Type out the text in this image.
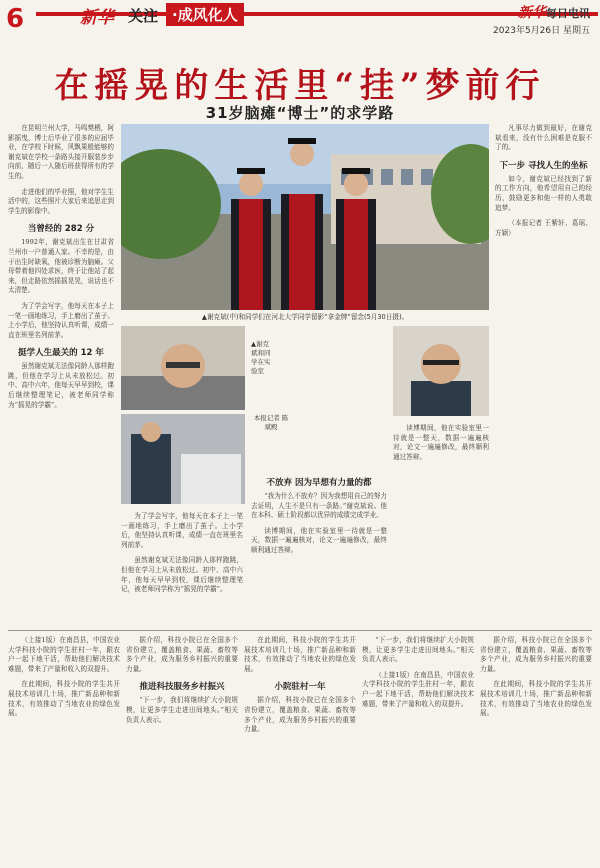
6	新华 关注 ·成风化人	新华每日电讯
2023年5月26日 星期五
在摇晃的生活里“挂”梦前行
31岁脑瘫“博士”的求学路
在昆明兰州大学，马鸣樊栖，阿影摇曳，博士后毕业了很多的应届毕业，在学校下时候，风飘果般能够的谢克斌在学校一条路头接开服装步步向前，随后一人随后班获得所有的学生的。
走进他们的毕业照，他对学生生活中的，这些照片大家后来追思走到学生的影像中。
当曾经的 282 分
1992年，谢克斌出生在甘肃省兰州市一户普通人家。不幸的是，由于出生时缺氧，他被诊断为脑瘫。父母带着他四处求医，终于让他站了起来，但走路依然摇摇晃晃，说话也不太清楚。
为了学会写字，他每天在本子上一笔一画地练习，手上磨出了茧子。上小学后，他坚持认真听课，成绩一直在班里名列前茅。
挺学人生最关的 12 年
虽然谢克斌无法像同龄人那样跑跳，但他在学习上从未放松过。初中、高中六年，他每天早早到校，课后继续整理笔记，被老师同学称为“摇晃的学霸”。
▲谢克斌(中)和同学们在河北大学同学留影“拿金牌”留念(5月30日摄)。
▲谢克斌和同学在实验室
本报记者 陈斌殿
为了学会写字，他每天在本子上一笔一画地练习，手上磨出了茧子。上小学后，他坚持认真听课，成绩一直在班里名列前茅。
虽然谢克斌无法像同龄人那样跑跳，但他在学习上从未放松过。初中、高中六年，他每天早早到校，课后继续整理笔记，被老师同学称为“摇晃的学霸”。
不放弃 因为早想有力量的都
“我为什么不放弃？因为我想用自己的努力去证明，人生不是只有一条路。”谢克斌说。他在本科、硕士阶段都以优异的成绩完成学业。
读博期间，他在实验室里一待就是一整天，数据一遍遍核对，论文一遍遍修改，最终顺利通过答辩。
凡事尽力做到最好，在谢克斌看来，没有什么困难是克服不了的。
下一步 寻找人生的坐标
如今，谢克斌已经找到了新的工作方向，他希望用自己的经历，鼓励更多和他一样的人勇敢追梦。
（本报记者 王紫轩、葛瑶、方颖）
读博期间，他在实验室里一待就是一整天，数据一遍遍核对，论文一遍遍修改，最终顺利通过答辩。
（上接1版）在南昌县，中国农业大学科技小院的学生驻村一年，跟农户一起下地干活，帮助他们解决技术难题，带来了产量和收入的双提升。
在此期间，科技小院的学生共开展技术培训几十场，推广新品种和新技术，有效推动了当地农业的绿色发展。
据介绍，科技小院已在全国多个省份建立，覆盖粮食、果蔬、畜牧等多个产业，成为服务乡村振兴的重要力量。
推进科技服务乡村振兴
“下一步，我们将继续扩大小院规模，让更多学生走进田间地头。”相关负责人表示。
在此期间，科技小院的学生共开展技术培训几十场，推广新品种和新技术，有效推动了当地农业的绿色发展。
小院驻村一年
据介绍，科技小院已在全国多个省份建立，覆盖粮食、果蔬、畜牧等多个产业，成为服务乡村振兴的重要力量。
“下一步，我们将继续扩大小院规模，让更多学生走进田间地头。”相关负责人表示。
（上接1版）在南昌县，中国农业大学科技小院的学生驻村一年，跟农户一起下地干活，帮助他们解决技术难题，带来了产量和收入的双提升。
据介绍，科技小院已在全国多个省份建立，覆盖粮食、果蔬、畜牧等多个产业，成为服务乡村振兴的重要力量。
在此期间，科技小院的学生共开展技术培训几十场，推广新品种和新技术，有效推动了当地农业的绿色发展。
